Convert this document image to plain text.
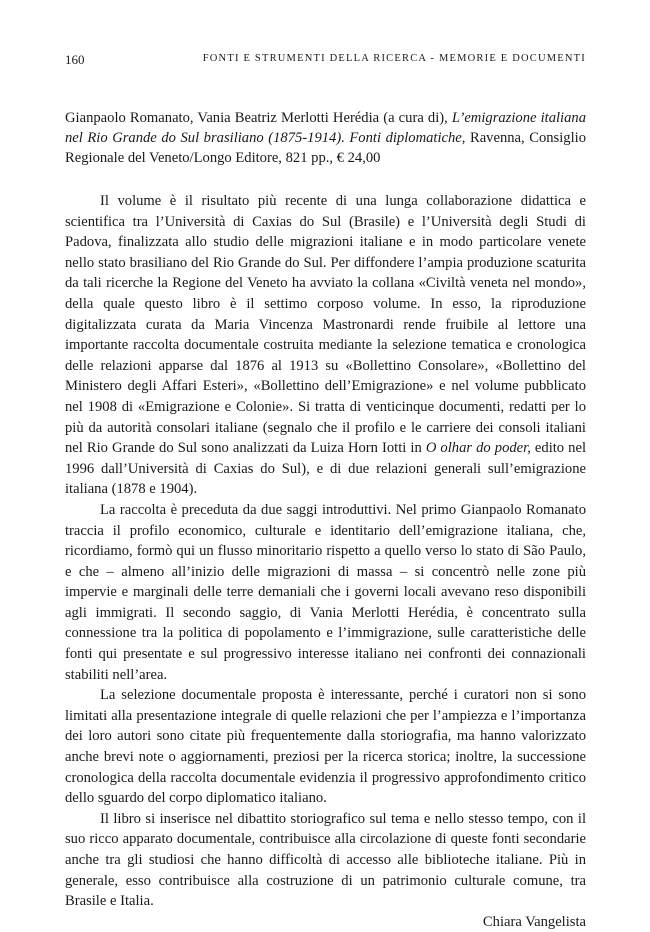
160	FONTI E STRUMENTI DELLA RICERCA - MEMORIE E DOCUMENTI
Gianpaolo Romanato, Vania Beatriz Merlotti Herédia (a cura di), L’emigrazione italiana nel Rio Grande do Sul brasiliano (1875-1914). Fonti diplomatiche, Ravenna, Consiglio Regionale del Veneto/Longo Editore, 821 pp., € 24,00

Il volume è il risultato più recente di una lunga collaborazione didattica e scientifica tra l’Università di Caxias do Sul (Brasile) e l’Università degli Studi di Padova, finalizzata allo studio delle migrazioni italiane e in modo particolare venete nello stato brasiliano del Rio Grande do Sul. Per diffondere l’ampia produzione scaturita da tali ricerche la Regione del Veneto ha avviato la collana «Civiltà veneta nel mondo», della quale questo libro è il settimo corposo volume. In esso, la riproduzione digitalizzata curata da Maria Vincenza Mastronardi rende fruibile al lettore una importante raccolta documentale costruita mediante la selezione tematica e cronologica delle relazioni apparse dal 1876 al 1913 su «Bollettino Consolare», «Bollettino del Ministero degli Affari Esteri», «Bollettino dell’Emigrazione» e nel volume pubblicato nel 1908 di «Emigrazione e Colonie». Si tratta di venticinque documenti, redatti per lo più da autorità consolari italiane (segnalo che il profilo e le carriere dei consoli italiani nel Rio Grande do Sul sono analizzati da Luiza Horn Iotti in O olhar do poder, edito nel 1996 dall’Università di Caxias do Sul), e di due relazioni generali sull’emigrazione italiana (1878 e 1904).

La raccolta è preceduta da due saggi introduttivi. Nel primo Gianpaolo Romanato traccia il profilo economico, culturale e identitario dell’emigrazione italiana, che, ricordiamo, formò qui un flusso minoritario rispetto a quello verso lo stato di São Paulo, e che – almeno all’inizio delle migrazioni di massa – si concentrò nelle zone più impervie e marginali delle terre demaniali che i governi locali avevano reso disponibili agli immigrati. Il secondo saggio, di Vania Merlotti Herédia, è concentrato sulla connessione tra la politica di popolamento e l’immigrazione, sulle caratteristiche delle fonti qui presentate e sul progressivo interesse italiano nei confronti dei connazionali stabiliti nell’area.

La selezione documentale proposta è interessante, perché i curatori non si sono limitati alla presentazione integrale di quelle relazioni che per l’ampiezza e l’importanza dei loro autori sono citate più frequentemente dalla storiografia, ma hanno valorizzato anche brevi note o aggiornamenti, preziosi per la ricerca storica; inoltre, la successione cronologica della raccolta documentale evidenzia il progressivo approfondimento critico dello sguardo del corpo diplomatico italiano.

Il libro si inserisce nel dibattito storiografico sul tema e nello stesso tempo, con il suo ricco apparato documentale, contribuisce alla circolazione di queste fonti secondarie anche tra gli studiosi che hanno difficoltà di accesso alle biblioteche italiane. Più in generale, esso contribuisce alla costruzione di un patrimonio culturale comune, tra Brasile e Italia.

Chiara Vangelista
